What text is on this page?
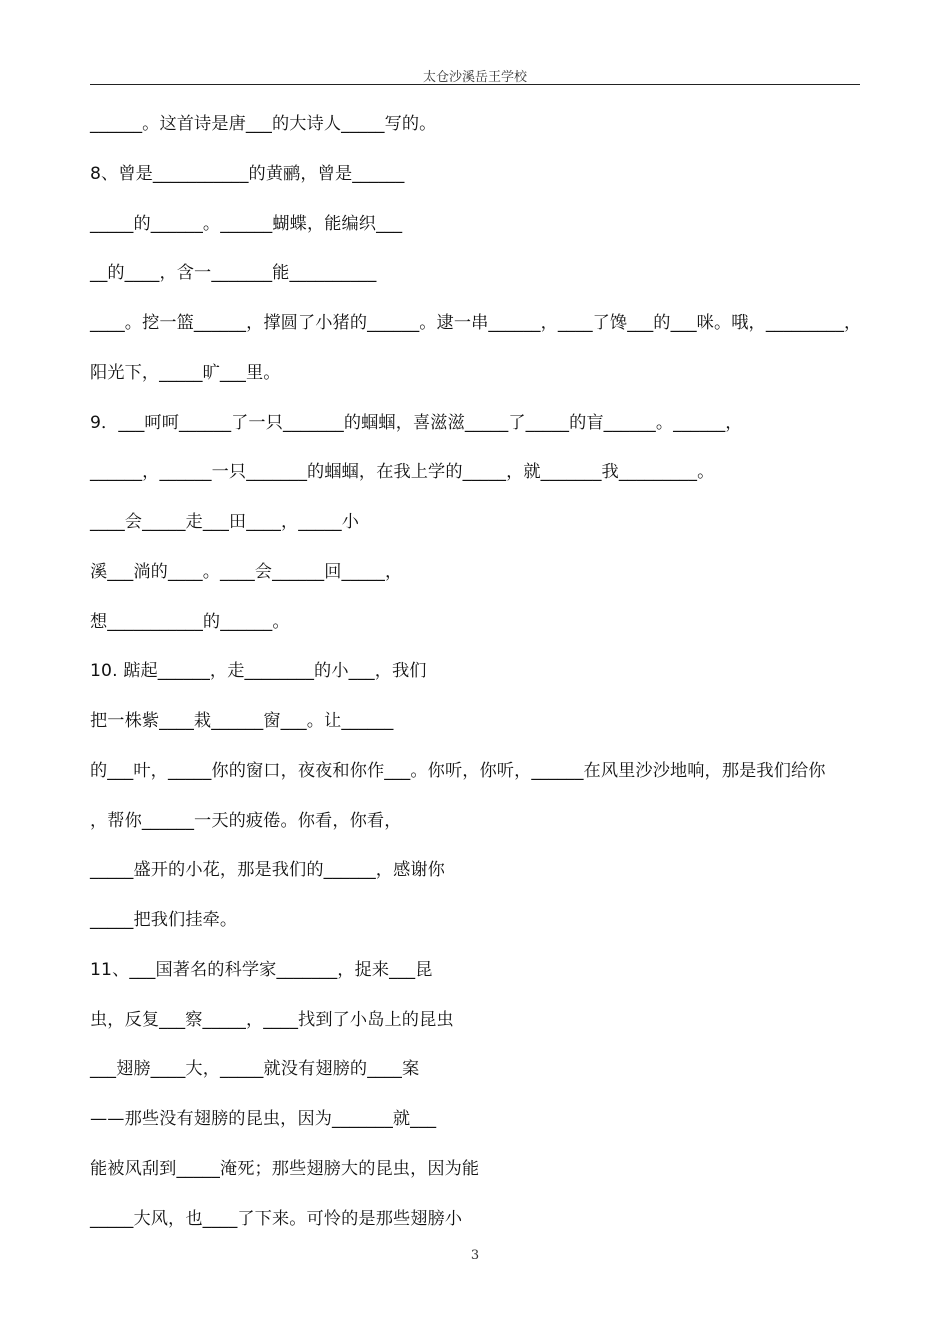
太仓沙溪岳王学校
______。这首诗是唐___的大诗人_____写的。
8、曾是___________的黄鹂，曾是______
_____的______。______蝴蝶，能编织___
__的____，含一_______能__________
____。挖一篮______，撑圆了小猪的______。逮一串______，____了馋___的___咪。哦，_________，
阳光下，_____旷___里。
9．___呵呵______了一只_______的蝈蝈，喜滋滋_____了_____的盲______。______，
______，______一只_______的蝈蝈，在我上学的_____，就_______我_________。
____会_____走___田____，_____小
溪___淌的____。____会______回_____，
想___________的______。
10. 踮起______，走________的小___，我们
把一株紫____栽______窗___。让______
的___叶，_____你的窗口，夜夜和你作___。你听，你听，______在风里沙沙地响，那是我们给你
，帮你______一天的疲倦。你看，你看，
_____盛开的小花，那是我们的______，感谢你
_____把我们挂牵。
11、___国著名的科学家_______，捉来___昆
虫，反复___察_____，____找到了小岛上的昆虫
___翅膀____大，_____就没有翅膀的____案
——那些没有翅膀的昆虫，因为_______就___
能被风刮到_____淹死；那些翅膀大的昆虫，因为能
_____大风，也____了下来。可怜的是那些翅膀小
3
